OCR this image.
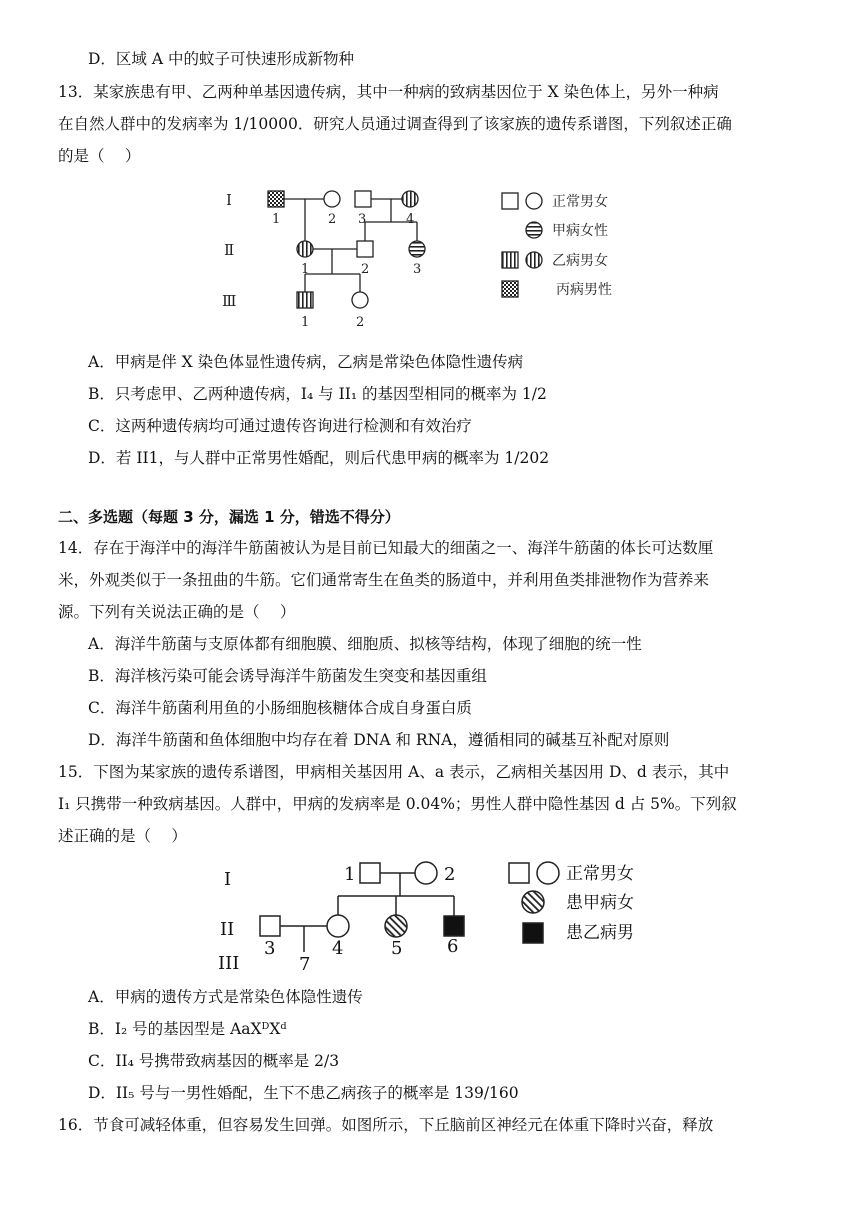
D．区域 A 中的蚊子可快速形成新物种
13．某家族患有甲、乙两种单基因遗传病，其中一种病的致病基因位于 X 染色体上，另外一种病
在自然人群中的发病率为 1/10000．研究人员通过调查得到了该家族的遗传系谱图，下列叙述正确
的是（　 ）
I
Ⅱ
Ⅲ
1	2 3	4
1	2	3
1	2
正常男女
甲病女性
乙病男女
丙病男性
A．甲病是伴 X 染色体显性遗传病，乙病是常染色体隐性遗传病
B．只考虑甲、乙两种遗传病，I₄ 与 II₁ 的基因型相同的概率为 1/2
C．这两种遗传病均可通过遗传咨询进行检测和有效治疗
D．若 II1，与人群中正常男性婚配，则后代患甲病的概率为 1/202
二、多选题（每题 3 分，漏选 1 分，错选不得分）
14．存在于海洋中的海洋牛筋菌被认为是目前已知最大的细菌之一、海洋牛筋菌的体长可达数厘
米，外观类似于一条扭曲的牛筋。它们通常寄生在鱼类的肠道中，并利用鱼类排泄物作为营养来
源。下列有关说法正确的是（　 ）
A．海洋牛筋菌与支原体都有细胞膜、细胞质、拟核等结构，体现了细胞的统一性
B．海洋核污染可能会诱导海洋牛筋菌发生突变和基因重组
C．海洋牛筋菌利用鱼的小肠细胞核糖体合成自身蛋白质
D．海洋牛筋菌和鱼体细胞中均存在着 DNA 和 RNA，遵循相同的碱基互补配对原则
15．下图为某家族的遗传系谱图，甲病相关基因用 A、a 表示，乙病相关基因用 D、d 表示，其中
I₁ 只携带一种致病基因。人群中，甲病的发病率是 0.04%；男性人群中隐性基因 d 占 5%。下列叙
述正确的是（　 ）
I
II
III
1	2
3	4	5 6
7
正常男女
患甲病女
患乙病男
A．甲病的遗传方式是常染色体隐性遗传
B．I₂ 号的基因型是 AaXᴰXᵈ
C．II₄ 号携带致病基因的概率是 2/3
D．II₅ 号与一男性婚配，生下不患乙病孩子的概率是 139/160
16．节食可减轻体重，但容易发生回弹。如图所示，下丘脑前区神经元在体重下降时兴奋，释放
